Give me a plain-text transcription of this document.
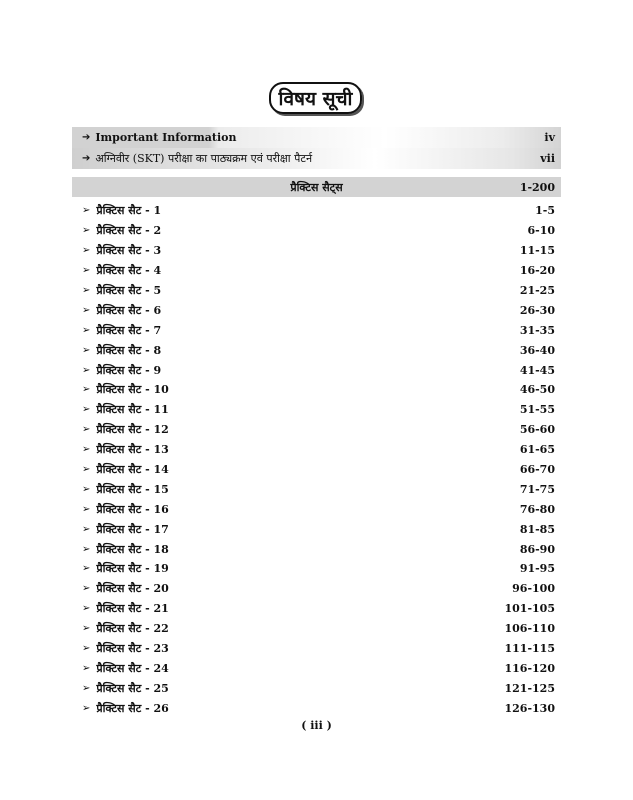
विषय सूची
➔ Important Information	iv
➔ अग्निवीर (SKT) परीक्षा का पाठ्यक्रम एवं परीक्षा पैटर्न	vii
प्रैक्टिस सैट्स	1-200
➢ प्रैक्टिस सैट - 1	1-5
➢ प्रैक्टिस सैट - 2	6-10
➢ प्रैक्टिस सैट - 3	11-15
➢ प्रैक्टिस सैट - 4	16-20
➢ प्रैक्टिस सैट - 5	21-25
➢ प्रैक्टिस सैट - 6	26-30
➢ प्रैक्टिस सैट - 7	31-35
➢ प्रैक्टिस सैट - 8	36-40
➢ प्रैक्टिस सैट - 9	41-45
➢ प्रैक्टिस सैट - 10	46-50
➢ प्रैक्टिस सैट - 11	51-55
➢ प्रैक्टिस सैट - 12	56-60
➢ प्रैक्टिस सैट - 13	61-65
➢ प्रैक्टिस सैट - 14	66-70
➢ प्रैक्टिस सैट - 15	71-75
➢ प्रैक्टिस सैट - 16	76-80
➢ प्रैक्टिस सैट - 17	81-85
➢ प्रैक्टिस सैट - 18	86-90
➢ प्रैक्टिस सैट - 19	91-95
➢ प्रैक्टिस सैट - 20	96-100
➢ प्रैक्टिस सैट - 21	101-105
➢ प्रैक्टिस सैट - 22	106-110
➢ प्रैक्टिस सैट - 23	111-115
➢ प्रैक्टिस सैट - 24	116-120
➢ प्रैक्टिस सैट - 25	121-125
➢ प्रैक्टिस सैट - 26	126-130
( iii )
